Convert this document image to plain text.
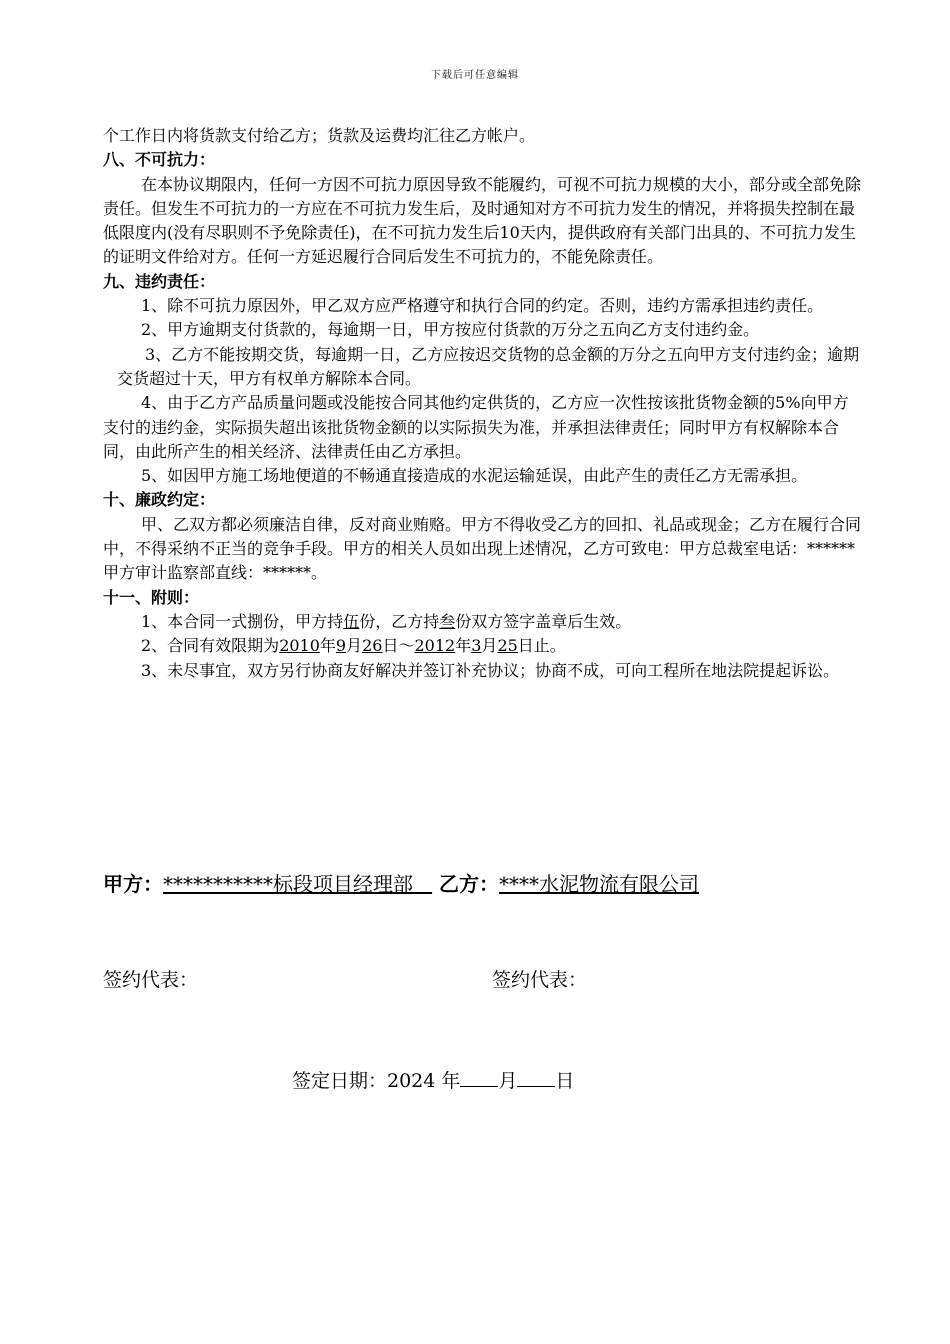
下载后可任意编辑

个工作日内将货款支付给乙方；货款及运费均汇往乙方帐户。

八、不可抗力：

在本协议期限内，任何一方因不可抗力原因导致不能履约，可视不可抗力规模的大小，部分或全部免除责任。但发生不可抗力的一方应在不可抗力发生后，及时通知对方不可抗力发生的情况，并将损失控制在最低限度内(没有尽职则不予免除责任)，在不可抗力发生后10天内，提供政府有关部门出具的、不可抗力发生的证明文件给对方。任何一方延迟履行合同后发生不可抗力的，不能免除责任。

九、违约责任：

1、除不可抗力原因外，甲乙双方应严格遵守和执行合同的约定。否则，违约方需承担违约责任。

2、甲方逾期支付货款的，每逾期一日，甲方按应付货款的万分之五向乙方支付违约金。

3、乙方不能按期交货，每逾期一日，乙方应按迟交货物的总金额的万分之五向甲方支付违约金；逾期交货超过十天，甲方有权单方解除本合同。

4、由于乙方产品质量问题或没能按合同其他约定供货的，乙方应一次性按该批货物金额的5%向甲方支付的违约金，实际损失超出该批货物金额的以实际损失为准，并承担法律责任；同时甲方有权解除本合同，由此所产生的相关经济、法律责任由乙方承担。

5、如因甲方施工场地便道的不畅通直接造成的水泥运输延误，由此产生的责任乙方无需承担。

十、廉政约定：

甲、乙双方都必须廉洁自律，反对商业贿赂。甲方不得收受乙方的回扣、礼品或现金；乙方在履行合同中，不得采纳不正当的竞争手段。甲方的相关人员如出现上述情况，乙方可致电：甲方总裁室电话：******甲方审计监察部直线：******。

十一、附则：

1、本合同一式捌份，甲方持伍份，乙方持叁份双方签字盖章后生效。

2、合同有效限期为2010年9月26日～2012年3月25日止。

3、未尽事宜，双方另行协商友好解决并签订补充协议；协商不成，可向工程所在地法院提起诉讼。

甲方：***********标段项目经理部 乙方：****水泥物流有限公司
签约代表：	签约代表：
签定日期：2024 年 月 日
